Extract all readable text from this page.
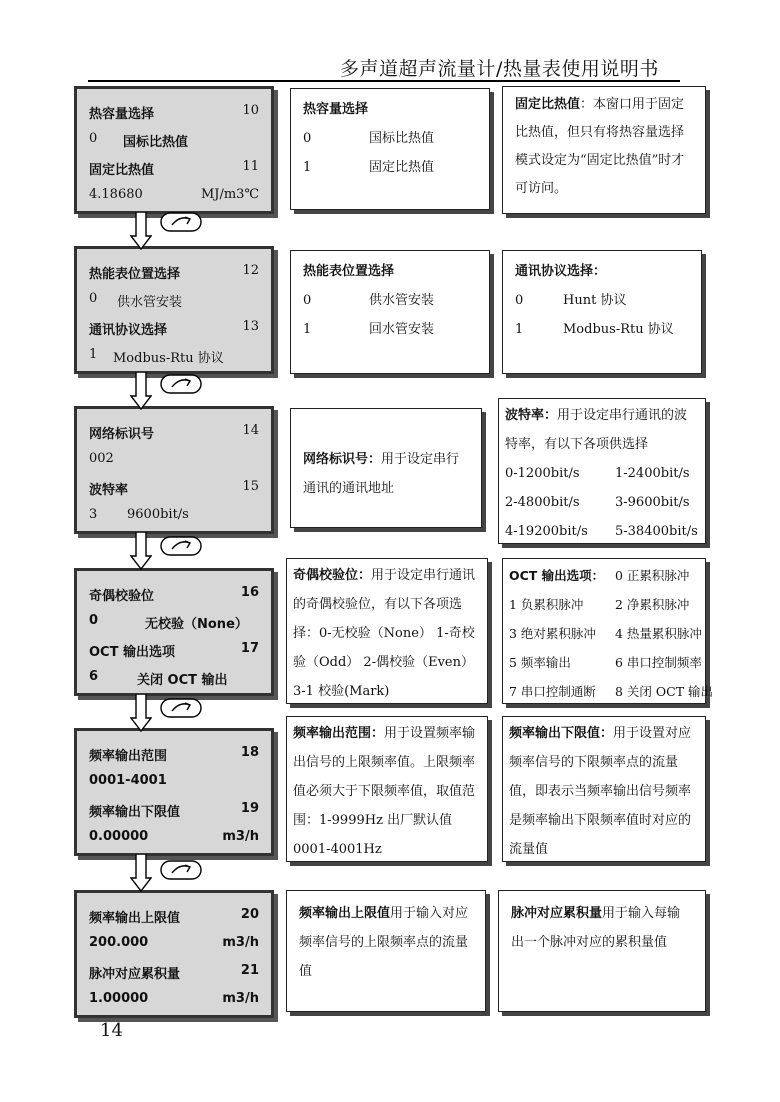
多声道超声流量计/热量表使用说明书
热容量选择	10
0 国标比热值
固定比热值	11
4.18680	MJ/m3℃
热能表位置选择	12
0 供水管安装
通讯协议选择	13
1 Modbus-Rtu 协议
网络标识号	14
002
波特率	15
3 9600bit/s
奇偶校验位	16
0	无校验（None）
OCT 输出选项	17
6	关闭 OCT 输出
频率输出范围	18
0001-4001
频率输出下限值	19
0.00000	m3/h
频率输出上限值	20
200.000	m3/h
脉冲对应累积量	21
1.00000	m3/h
热容量选择
0	国标比热值
1	固定比热值
固定比热值：本窗口用于固定比热值，但只有将热容量选择模式设定为“固定比热值”时才可访问。
热能表位置选择
0	供水管安装
1	回水管安装
通讯协议选择：
0	Hunt 协议
1	Modbus-Rtu 协议
网络标识号：用于设定串行通讯的通讯地址
波特率：用于设定串行通讯的波特率，有以下各项供选择
0-1200bit/s	1-2400bit/s
2-4800bit/s	3-9600bit/s
4-19200bit/s 5-38400bit/s
奇偶校验位：用于设定串行通讯的奇偶校验位，有以下各项选择：0-无校验（None） 1-奇校验（Odd） 2-偶校验（Even） 3-1 校验(Mark)
OCT 输出选项： 0 正累积脉冲
1 负累积脉冲	2 净累积脉冲
3 绝对累积脉冲 4 热量累积脉冲
5 频率输出	6 串口控制频率
7 串口控制通断 8 关闭 OCT 输出
频率输出范围：用于设置频率输出信号的上限频率值。上限频率值必须大于下限频率值，取值范围：1-9999Hz 出厂默认值 0001-4001Hz
频率输出下限值：用于设置对应频率信号的下限频率点的流量值，即表示当频率输出信号频率是频率输出下限频率值时对应的流量值
频率输出上限值用于输入对应频率信号的上限频率点的流量值
脉冲对应累积量用于输入每输出一个脉冲对应的累积量值
14
